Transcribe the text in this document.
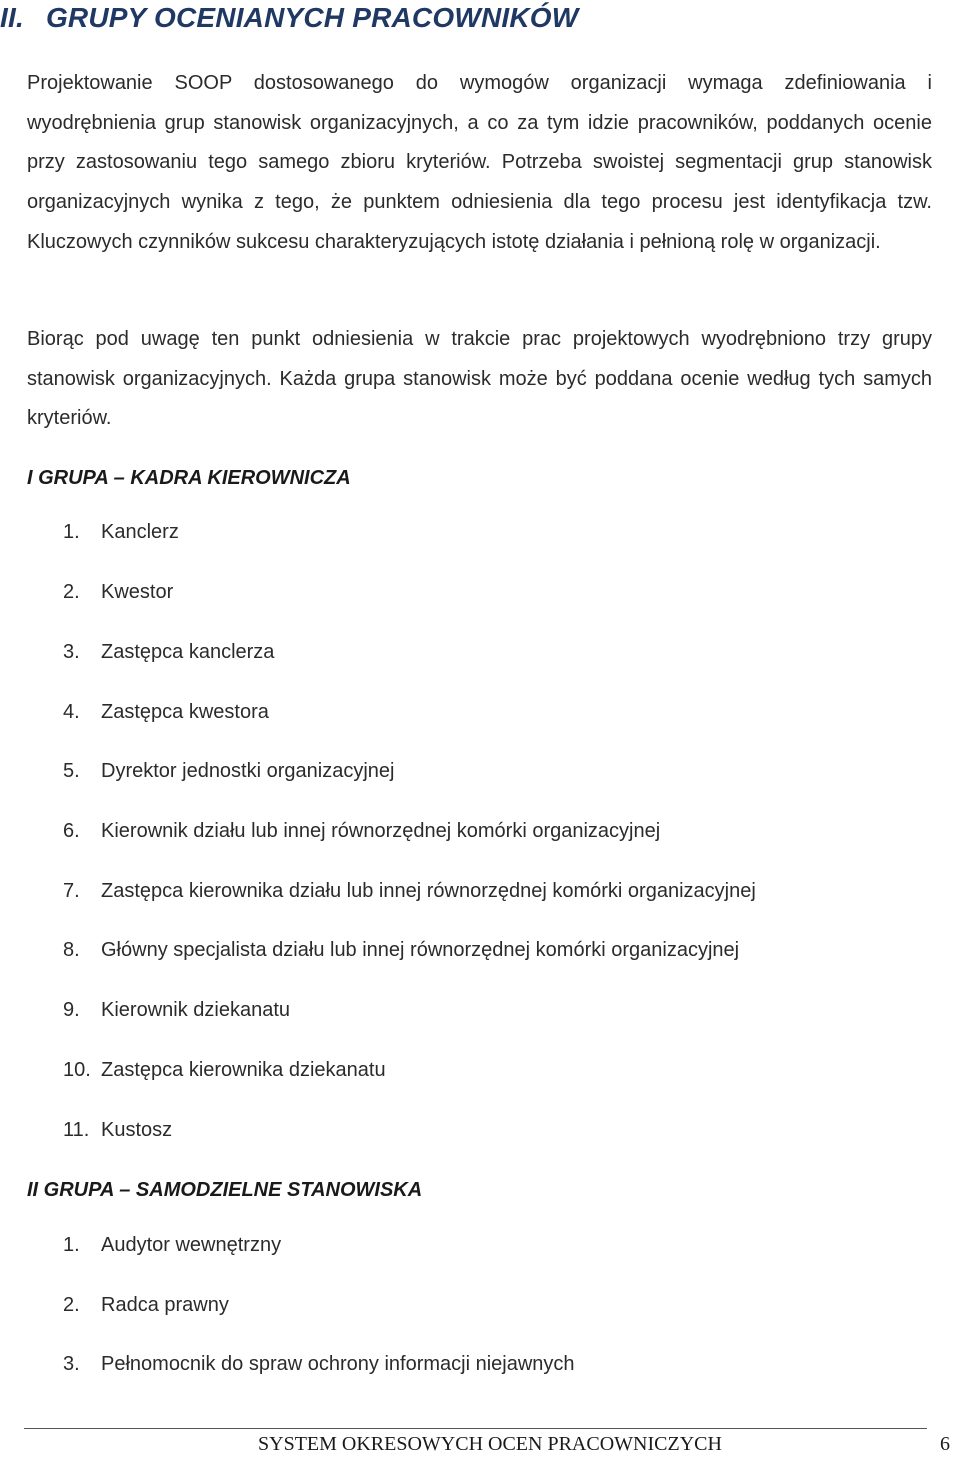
II. GRUPY OCENIANYCH PRACOWNIKÓW

Projektowanie SOOP dostosowanego do wymogów organizacji wymaga zdefiniowania i wyodrębnienia grup stanowisk organizacyjnych, a co za tym idzie pracowników, poddanych ocenie przy zastosowaniu tego samego zbioru kryteriów. Potrzeba swoistej segmentacji grup stanowisk organizacyjnych wynika z tego, że punktem odniesienia dla tego procesu jest identyfikacja tzw. Kluczowych czynników sukcesu charakteryzujących istotę działania i pełnioną rolę w organizacji.

Biorąc pod uwagę ten punkt odniesienia w trakcie prac projektowych wyodrębniono trzy grupy stanowisk organizacyjnych. Każda grupa stanowisk może być poddana ocenie według tych samych kryteriów.

I GRUPA – KADRA KIEROWNICZA
1.	Kanclerz
2.	Kwestor
3.	Zastępca kanclerza
4.	Zastępca kwestora
5.	Dyrektor jednostki organizacyjnej
6.	Kierownik działu lub innej równorzędnej komórki organizacyjnej
7.	Zastępca kierownika działu lub innej równorzędnej komórki organizacyjnej
8.	Główny specjalista działu lub innej równorzędnej komórki organizacyjnej
9.	Kierownik dziekanatu
10. Zastępca kierownika dziekanatu
11. Kustosz
II GRUPA – SAMODZIELNE STANOWISKA
1.	Audytor wewnętrzny
2.	Radca prawny
3.	Pełnomocnik do spraw ochrony informacji niejawnych
SYSTEM OKRESOWYCH OCEN PRACOWNICZYCH	6
